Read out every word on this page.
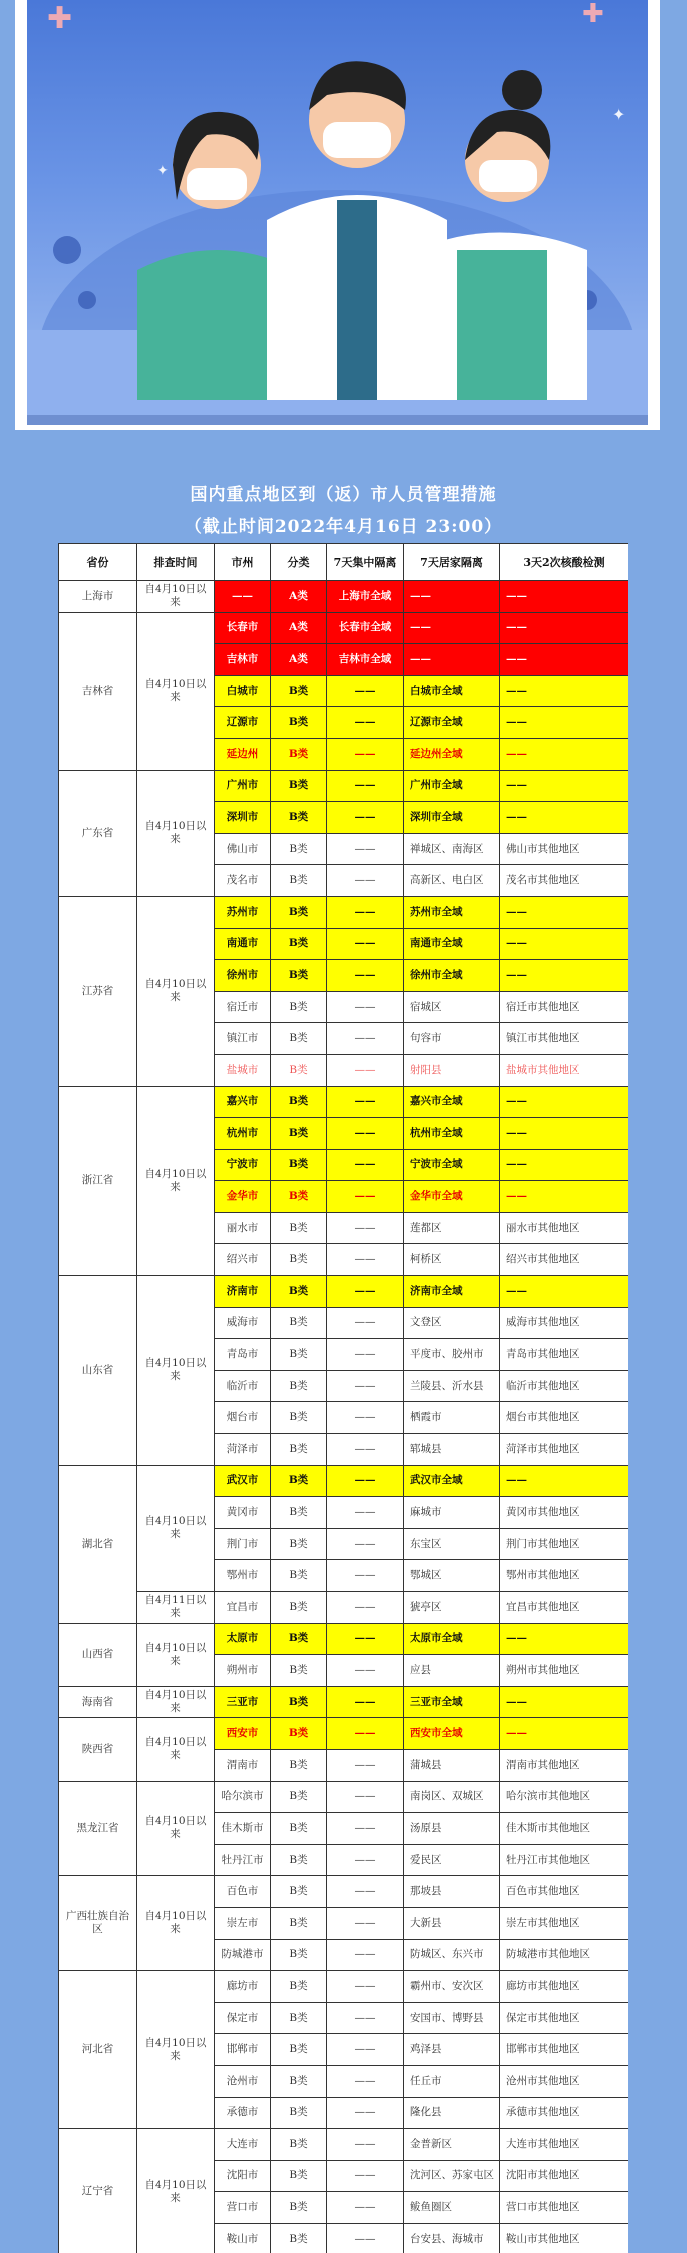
✚	✚
✦
✦
国内重点地区到（返）市人员管理措施
（截止时间2022年4月16日 23:00）
省份	排查时间	市州	分类	7天集中隔离	7天居家隔离	3天2次核酸检测
上海市	自4月10日以来	——	A类	上海市全域	——	——
吉林省	自4月10日以来	长春市	A类	长春市全域	——	——
		吉林市	A类	吉林市全域	——	——
		白城市	B类	——	白城市全域	——
		辽源市	B类	——	辽源市全域	——
		延边州	B类	——	延边州全域	——
广东省	自4月10日以来	广州市	B类	——	广州市全域	——
		深圳市	B类	——	深圳市全域	——
		佛山市	B类	——	禅城区、南海区	佛山市其他地区
		茂名市	B类	——	高新区、电白区	茂名市其他地区
江苏省	自4月10日以来	苏州市	B类	——	苏州市全域	——
		南通市	B类	——	南通市全域	——
		徐州市	B类	——	徐州市全域	——
		宿迁市	B类	——	宿城区	宿迁市其他地区
		镇江市	B类	——	句容市	镇江市其他地区
		盐城市	B类	——	射阳县	盐城市其他地区
浙江省	自4月10日以来	嘉兴市	B类	——	嘉兴市全域	——
		杭州市	B类	——	杭州市全域	——
		宁波市	B类	——	宁波市全域	——
		金华市	B类	——	金华市全域	——
		丽水市	B类	——	莲都区	丽水市其他地区
		绍兴市	B类	——	柯桥区	绍兴市其他地区
山东省	自4月10日以来	济南市	B类	——	济南市全域	——
		威海市	B类	——	文登区	威海市其他地区
		青岛市	B类	——	平度市、胶州市	青岛市其他地区
		临沂市	B类	——	兰陵县、沂水县	临沂市其他地区
		烟台市	B类	——	栖霞市	烟台市其他地区
		菏泽市	B类	——	郓城县	菏泽市其他地区
湖北省	自4月10日以来	武汉市	B类	——	武汉市全域	——
		黄冈市	B类	——	麻城市	黄冈市其他地区
		荆门市	B类	——	东宝区	荆门市其他地区
		鄂州市	B类	——	鄂城区	鄂州市其他地区
	自4月11日以来	宜昌市	B类	——	猇亭区	宜昌市其他地区
山西省	自4月10日以来	太原市	B类	——	太原市全域	——
		朔州市	B类	——	应县	朔州市其他地区
海南省	自4月10日以来	三亚市	B类	——	三亚市全域	——
陕西省	自4月10日以来	西安市	B类	——	西安市全域	——
		渭南市	B类	——	蒲城县	渭南市其他地区
黑龙江省	自4月10日以来	哈尔滨市	B类	——	南岗区、双城区	哈尔滨市其他地区
		佳木斯市	B类	——	汤原县	佳木斯市其他地区
		牡丹江市	B类	——	爱民区	牡丹江市其他地区
广西壮族自治区	自4月10日以来	百色市	B类	——	那坡县	百色市其他地区
		崇左市	B类	——	大新县	崇左市其他地区
		防城港市	B类	——	防城区、东兴市	防城港市其他地区
河北省	自4月10日以来	廊坊市	B类	——	霸州市、安次区	廊坊市其他地区
		保定市	B类	——	安国市、博野县	保定市其他地区
		邯郸市	B类	——	鸡泽县	邯郸市其他地区
		沧州市	B类	——	任丘市	沧州市其他地区
		承德市	B类	——	隆化县	承德市其他地区
辽宁省	自4月10日以来	大连市	B类	——	金普新区	大连市其他地区
		沈阳市	B类	——	沈河区、苏家屯区	沈阳市其他地区
		营口市	B类	——	鲅鱼圈区	营口市其他地区
		鞍山市	B类	——	台安县、海城市	鞍山市其他地区
